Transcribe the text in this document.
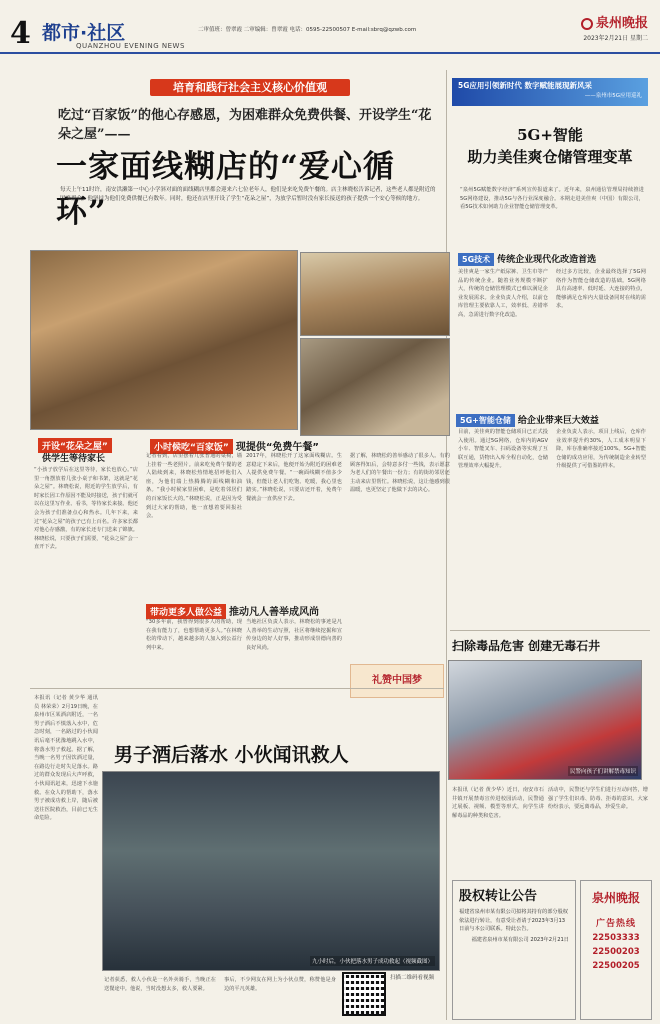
4 都市·社区
QUANZHOU EVENING NEWS
二审值班：曾翠霞 二审编辑：曾翠霞 电话：0595-22500507 E-mail:sbrq@qzwb.com	泉州晚报
2023年2月21日 星期二
培育和践行社会主义核心价值观
吃过“百家饭”的他心存感恩，为困难群众免费供餐、开设学生“花朵之屋”——
一家面线糊店的“爱心循环”
每天上午11时许，南安洪濑第一中心小学斜对面的面线糊店里都会迎来六七位老年人，他们是来吃免费午餐的。店主林晓松告诉记者，这些老人都是附近的困难群众，他坚持为他们免费供餐已有数年。同时，他还在店里开设了学生“花朵之屋”，为放学后暂时没有家长接送的孩子提供一个安心等候的地方。
开设“花朵之屋”
供学生等待家长
小时候吃“百家饭” 现提供“免费午餐”
带动更多人做公益 推动凡人善举成风尚
“小孩子放学后在这里等待，家长也放心。”店里一角摆放着几张小桌子和书架，这就是“花朵之屋”。林晓松说，附近的学生放学后，有时家长因工作原因不能及时接送，孩子们就可以在这里写作业、看书，等待家长来接。他还会为孩子们准备点心和热水。几年下来，来过“花朵之屋”的孩子已有上百名。许多家长都对他心存感激，有的家长还专门送来了锦旗。林晓松说，只要孩子们需要，“花朵之屋”会一直开下去。
记者看到，店里摆着几张普通的桌椅，墙上挂着一些老照片。前来吃免费午餐的老人陆续到来，林晓松热情地招呼他们入座，为他们端上热腾腾的面线糊和油条。“我小时候家里困难，是吃着邻居们的百家饭长大的。”林晓松说，正是因为受到过大家的帮助，他一直想着要回报社会。
2017年，林晓松开了这家面线糊店。生意稳定下来后，他便开始为附近的困难老人提供免费午餐。“一碗面线糊不值多少钱，但能让老人们吃饱、吃暖，我心里也踏实。”林晓松说，只要店还开着，免费午餐就会一直供应下去。
据了解，林晓松的善举感动了很多人。有的顾客得知后，会特意多付一些钱，表示愿意为老人们的午餐出一份力；有的街坊邻居还主动来店里帮忙。林晓松说，这让他感到很温暖，也更坚定了他做下去的决心。
“30多年前，我曾得到很多人的帮助，现在我有能力了，也想帮助更多人。”在林晓松的带动下，越来越多的人加入到公益行列中来。
当地社区负责人表示，林晓松的事迹是凡人善举的生动写照，社区将继续挖掘和宣传身边的好人好事，推动形成崇德向善的良好风尚。
礼赞中国梦
本报讯（记者 黄少华 通讯员 林荣荣）2月19日晚，在泉州市区某酒店附近，一名男子酒后不慎落入水中，危急时刻，一名路过的小伙闻讯后毫不犹豫地跳入水中，将落水男子救起。据了解，当晚一名男子因饮酒过量，在路边行走时失足落水。路过的群众发现后大声呼救，小伙闻讯赶来，迅速下水施救。在众人的帮助下，落水男子被成功救上岸，随后被送往医院救治，目前已无生命危险。
男子酒后落水 小伙闻讯救人
九小时后，小伙把落水男子成功救起（视频截图）
记者获悉，救人小伙是一名外卖骑手，当晚正在送餐途中。他说，当时没想太多，救人要紧。
事后，不少网友在网上为小伙点赞，称赞他是身边的平凡英雄。
扫描二维码看视频
5G应用引领新时代 数字赋能展现新风采
——泉州市5G应用巡礼
5G+智能
助力美佳爽仓储管理变革
“泉州5G赋能数字经济”系列宣传报道来了。近年来，泉州通信管理局持续推进5G网络建设，推动5G与各行业深度融合。本期走进美佳爽（中国）有限公司，看5G技术如何助力企业智能仓储管理变革。
5G技术 传统企业现代化改造首选
美佳爽是一家生产纸尿裤、卫生巾等产品的传统企业。随着业务规模不断扩大，传统的仓储管理模式已难以满足企业发展需求。企业负责人介绍，以前仓库管理主要依靠人工，效率低、差错率高，急需进行数字化改造。
经过多方比较，企业最终选择了5G网络作为智能仓储改造的基础。5G网络具有高速率、低时延、大连接的特点，能够满足仓库内大量设备同时在线的需求。
5G+智能仓储 给企业带来巨大效益
目前，美佳爽的智能仓储项目已正式投入使用。通过5G网络，仓库内的AGV小车、智能叉车、扫码设备等实现了互联互通，货物出入库全程自动化，仓储管理效率大幅提升。
企业负责人表示，项目上线后，仓库作业效率提升约30%，人工成本明显下降，库存准确率接近100%。5G+智能仓储的成功应用，为传统制造企业转型升级提供了可借鉴的样本。
扫除毒品危害 创建无毒石井
民警向孩子们讲解禁毒知识
本报讯（记者 黄少华）近日，南安市石井镇开展禁毒宣传进校园活动，民警通过展板、视频、模型等形式，向学生讲解毒品的种类和危害。
活动中，民警还与学生们进行互动问答，增强了学生们识毒、防毒、拒毒的意识。大家纷纷表示，要远离毒品，珍爱生命。
股权转让公告
福建省泉州市某有限公司拟将其持有的部分股权依法进行转让，有意受让者请于2023年3月13日前与本公司联系。特此公告。
福建省泉州市某有限公司 2023年2月21日
泉州晚报
广告热线
22503333
22500203
22500205
